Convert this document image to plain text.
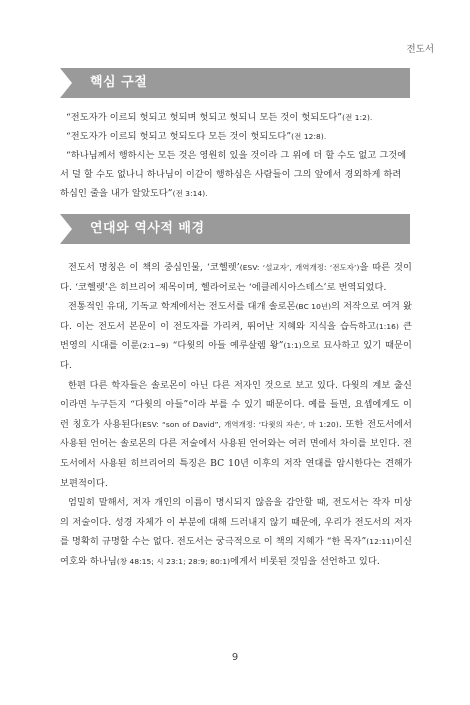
전도서
핵심 구절

“전도자가 이르되 헛되고 헛되며 헛되고 헛되니 모든 것이 헛되도다”(전 1:2).

“전도자가 이르되 헛되고 헛되도다 모든 것이 헛되도다”(전 12:8).

“하나님께서 행하시는 모든 것은 영원히 있을 것이라 그 위에 더 할 수도 없고 그것에서 덜 할 수도 없나니 하나님이 이같이 행하심은 사람들이 그의 앞에서 경외하게 하려 하심인 줄을 내가 알았도다”(전 3:14).

연대와 역사적 배경

전도서 명칭은 이 책의 중심인물, ‘코헬렛’(ESV: ‘설교자’, 개역개정: ‘전도자’)을 따른 것이다. ‘코헬렛’은 히브리어 제목이며, 헬라어로는 ‘에클레시아스테스’로 번역되었다.

전통적인 유대, 기독교 학계에서는 전도서를 대개 솔로몬(BC 10년)의 저작으로 여겨 왔다. 이는 전도서 본문이 이 전도자를 가리켜, 뛰어난 지혜와 지식을 습득하고(1:16) 큰 번영의 시대를 이룬(2:1~9) “다윗의 아들 예루살렘 왕”(1:1)으로 묘사하고 있기 때문이다.

한편 다른 학자들은 솔로몬이 아닌 다른 저자인 것으로 보고 있다. 다윗의 계보 출신이라면 누구든지 “다윗의 아들”이라 부를 수 있기 때문이다. 예를 들면, 요셉에게도 이런 칭호가 사용된다(ESV: “son of David”, 개역개정: ‘다윗의 자손’, 마 1:20). 또한 전도서에서 사용된 언어는 솔로몬의 다른 저술에서 사용된 언어와는 여러 면에서 차이를 보인다. 전도서에서 사용된 히브리어의 특징은 BC 10년 이후의 저작 연대를 암시한다는 견해가 보편적이다.

엄밀히 말해서, 저자 개인의 이름이 명시되지 않음을 감안할 때, 전도서는 작자 미상의 저술이다. 성경 자체가 이 부분에 대해 드러내지 않기 때문에, 우리가 전도서의 저자를 명확히 규명할 수는 없다. 전도서는 궁극적으로 이 책의 지혜가 “한 목자”(12:11)이신 여호와 하나님(창 48:15; 시 23:1; 28:9; 80:1)에게서 비롯된 것임을 선언하고 있다.

9
